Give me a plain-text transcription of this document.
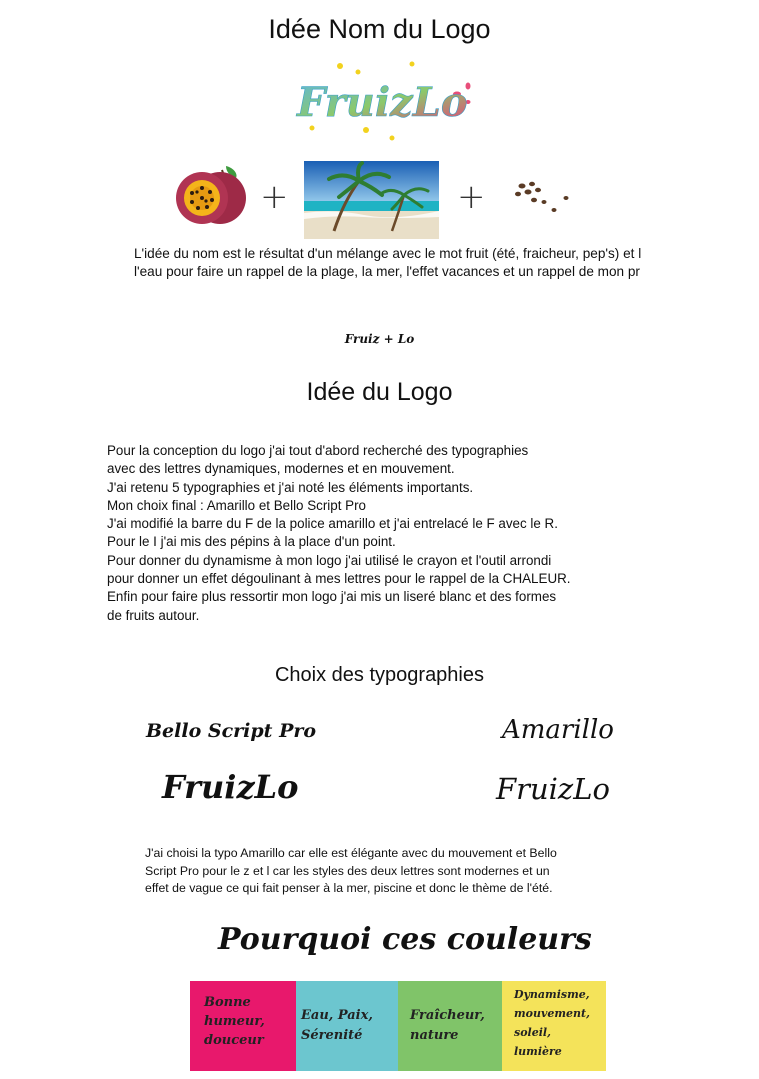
Idée Nom du Logo
FruizLo
+	+
L'idée du nom est le résultat d'un mélange avec le mot fruit (été, fraicheur, pep's) et l
l'eau pour faire un rappel de la plage, la mer, l'effet vacances et un rappel de mon pr
Fruiz + Lo
Idée du Logo
Pour la conception du logo j'ai tout d'abord recherché des typographies
avec des lettres dynamiques, modernes et en mouvement.
J'ai retenu 5 typographies et j'ai noté les éléments importants.
Mon choix final : Amarillo et Bello Script Pro
J'ai modifié la barre du F de la police amarillo et j'ai entrelacé le F avec le R.
Pour le I j'ai mis des pépins à la place d'un point.
Pour donner du dynamisme à mon logo j'ai utilisé le crayon et l'outil arrondi
pour donner un effet dégoulinant à mes lettres pour le rappel de la CHALEUR.
Enfin pour faire plus ressortir mon logo j'ai mis un liseré blanc et des formes
de fruits autour.
Choix des typographies
Bello Script Pro	Amarillo
FruizLo	FruizLo
J'ai choisi la typo Amarillo car elle est élégante avec du mouvement et Bello
Script Pro pour le z et l car les styles des deux lettres sont modernes et un
effet de vague ce qui fait penser à la mer, piscine et donc le thème de l'été.
Pourquoi ces couleurs
Bonne
humeur,
douceur
Eau, Paix,
Sérenité
Fraîcheur,
nature
Dynamisme,
mouvement,
soleil,
lumière
